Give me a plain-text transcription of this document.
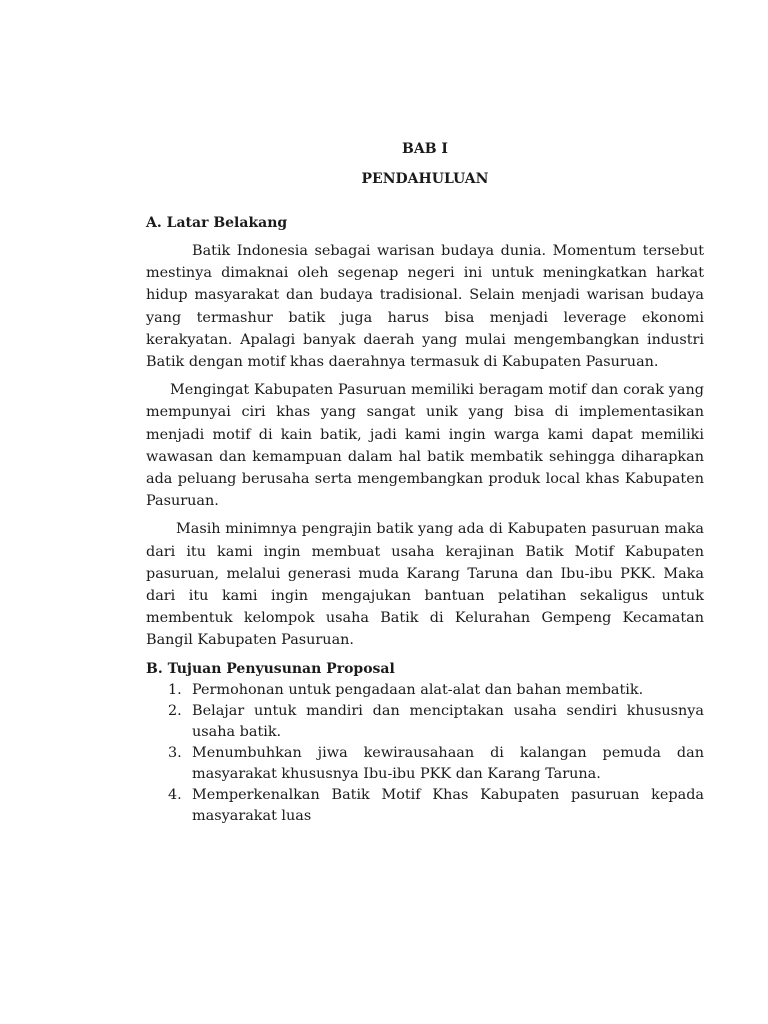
BAB I

PENDAHULUAN

A. Latar Belakang

Batik Indonesia sebagai warisan budaya dunia. Momentum tersebut mestinya dimaknai oleh segenap negeri ini untuk meningkatkan harkat hidup masyarakat dan budaya tradisional. Selain menjadi warisan budaya yang termashur batik juga harus bisa menjadi leverage ekonomi kerakyatan. Apalagi banyak daerah yang mulai mengembangkan industri Batik dengan motif khas daerahnya termasuk di Kabupaten Pasuruan.

Mengingat Kabupaten Pasuruan memiliki beragam motif dan corak yang mempunyai ciri khas yang sangat unik yang bisa di implementasikan menjadi motif di kain batik, jadi kami ingin warga kami dapat memiliki wawasan dan kemampuan dalam hal batik membatik sehingga diharapkan ada peluang berusaha serta mengembangkan produk local khas Kabupaten Pasuruan.

Masih minimnya pengrajin batik yang ada di Kabupaten pasuruan maka dari itu kami ingin membuat usaha kerajinan Batik Motif Kabupaten pasuruan, melalui generasi muda Karang Taruna dan Ibu-ibu PKK. Maka dari itu kami ingin mengajukan bantuan pelatihan sekaligus untuk membentuk kelompok usaha Batik di Kelurahan Gempeng Kecamatan Bangil Kabupaten Pasuruan.

B. Tujuan Penyusunan Proposal

1. Permohonan untuk pengadaan alat-alat dan bahan membatik.
2. Belajar untuk mandiri dan menciptakan usaha sendiri khususnya usaha batik.
3. Menumbuhkan jiwa kewirausahaan di kalangan pemuda dan masyarakat khususnya Ibu-ibu PKK dan Karang Taruna.
4. Memperkenalkan Batik Motif Khas Kabupaten pasuruan kepada masyarakat luas
